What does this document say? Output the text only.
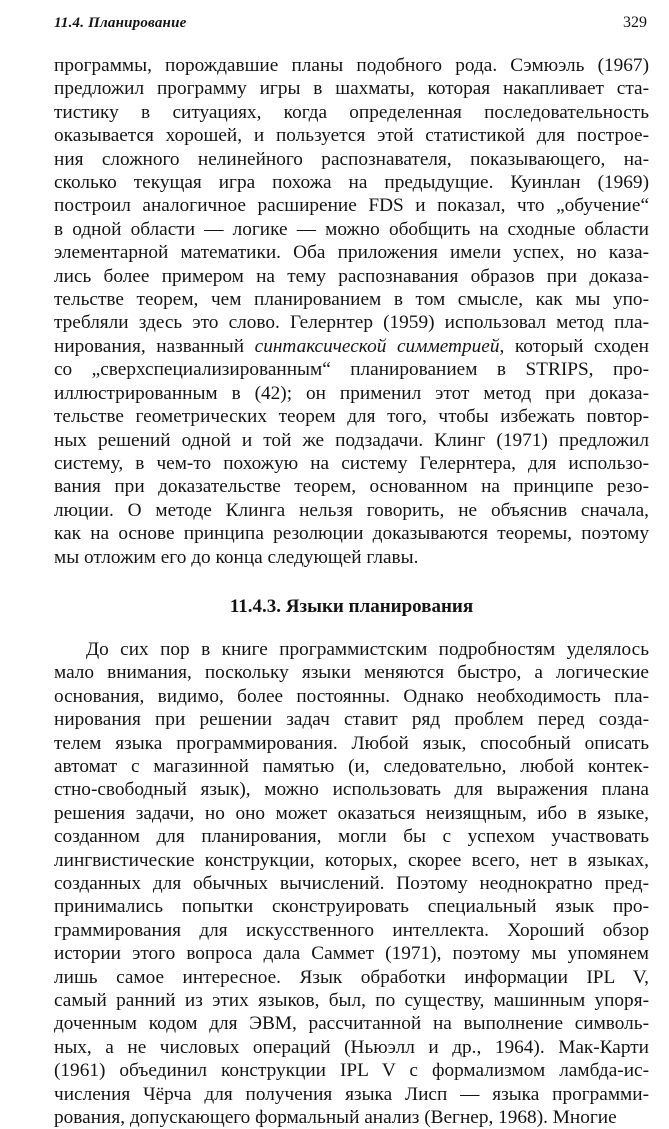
11.4. Планирование	329

программы, порождавшие планы подобного рода. Сэмюэль (1967)
предложил программу игры в шахматы, которая накапливает ста-
тистику в ситуациях, когда определенная последовательность
оказывается хорошей, и пользуется этой статистикой для построе-
ния сложного нелинейного распознавателя, показывающего, на-
сколько текущая игра похожа на предыдущие. Куинлан (1969)
построил аналогичное расширение FDS и показал, что „обучение“
в одной области — логике — можно обобщить на сходные области
элементарной математики. Оба приложения имели успех, но каза-
лись более примером на тему распознавания образов при доказа-
тельстве теорем, чем планированием в том смысле, как мы упо-
требляли здесь это слово. Гелернтер (1959) использовал метод пла-
нирования, названный синтаксической симметрией, который сходен
со „сверхспециализированным“ планированием в STRIPS, про-
иллюстрированным в (42); он применил этот метод при доказа-
тельстве геометрических теорем для того, чтобы избежать повтор-
ных решений одной и той же подзадачи. Клинг (1971) предложил
систему, в чем-то похожую на систему Гелернтера, для использо-
вания при доказательстве теорем, основанном на принципе резо-
люции. О методе Клинга нельзя говорить, не объяснив сначала,
как на основе принципа резолюции доказываются теоремы, поэтому
мы отложим его до конца следующей главы.

11.4.3. Языки планирования

До сих пор в книге программистским подробностям уделялось
мало внимания, поскольку языки меняются быстро, а логические
основания, видимо, более постоянны. Однако необходимость пла-
нирования при решении задач ставит ряд проблем перед созда-
телем языка программирования. Любой язык, способный описать
автомат с магазинной памятью (и, следовательно, любой контек-
стно-свободный язык), можно использовать для выражения плана
решения задачи, но оно может оказаться неизящным, ибо в языке,
созданном для планирования, могли бы с успехом участвовать
лингвистические конструкции, которых, скорее всего, нет в языках,
созданных для обычных вычислений. Поэтому неоднократно пред-
принимались попытки сконструировать специальный язык про-
граммирования для искусственного интеллекта. Хороший обзор
истории этого вопроса дала Саммет (1971), поэтому мы упомянем
лишь самое интересное. Язык обработки информации IPL V,
самый ранний из этих языков, был, по существу, машинным упоря-
доченным кодом для ЭВМ, рассчитанной на выполнение символь-
ных, а не числовых операций (Ньюэлл и др., 1964). Мак-Карти
(1961) объединил конструкции IPL V с формализмом ламбда-ис-
числения Чёрча для получения языка Лисп — языка программи-
рования, допускающего формальный анализ (Вегнер, 1968). Многие
